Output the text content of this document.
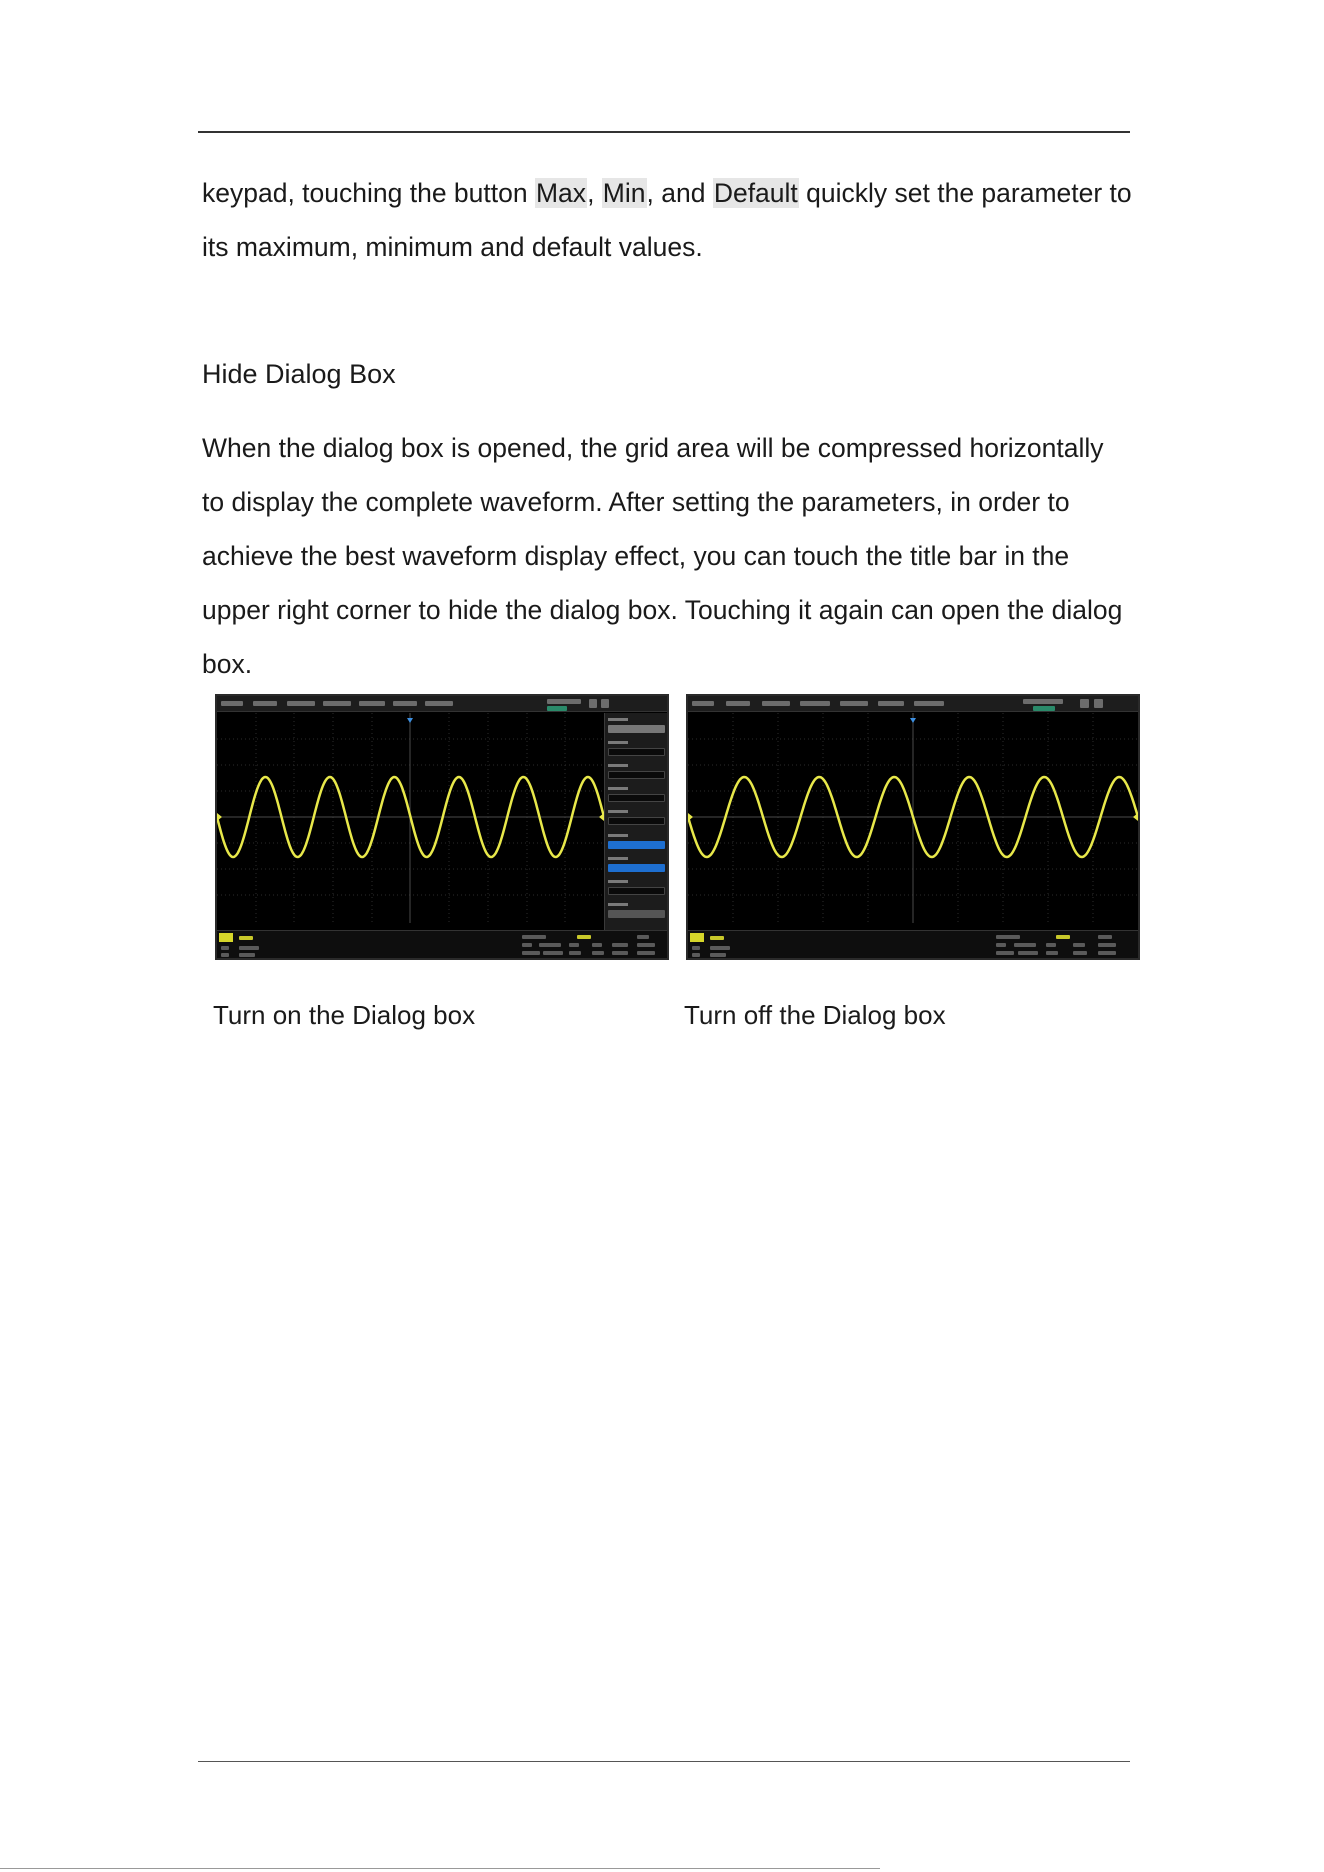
keypad, touching the button Max, Min, and Default quickly set the parameter to its maximum, minimum and default values.

Hide Dialog Box

When the dialog box is opened, the grid area will be compressed horizontally to display the complete waveform. After setting the parameters, in order to achieve the best waveform display effect, you can touch the title bar in the upper right corner to hide the dialog box. Touching it again can open the dialog box.

Turn on the Dialog box	Turn off the Dialog box
